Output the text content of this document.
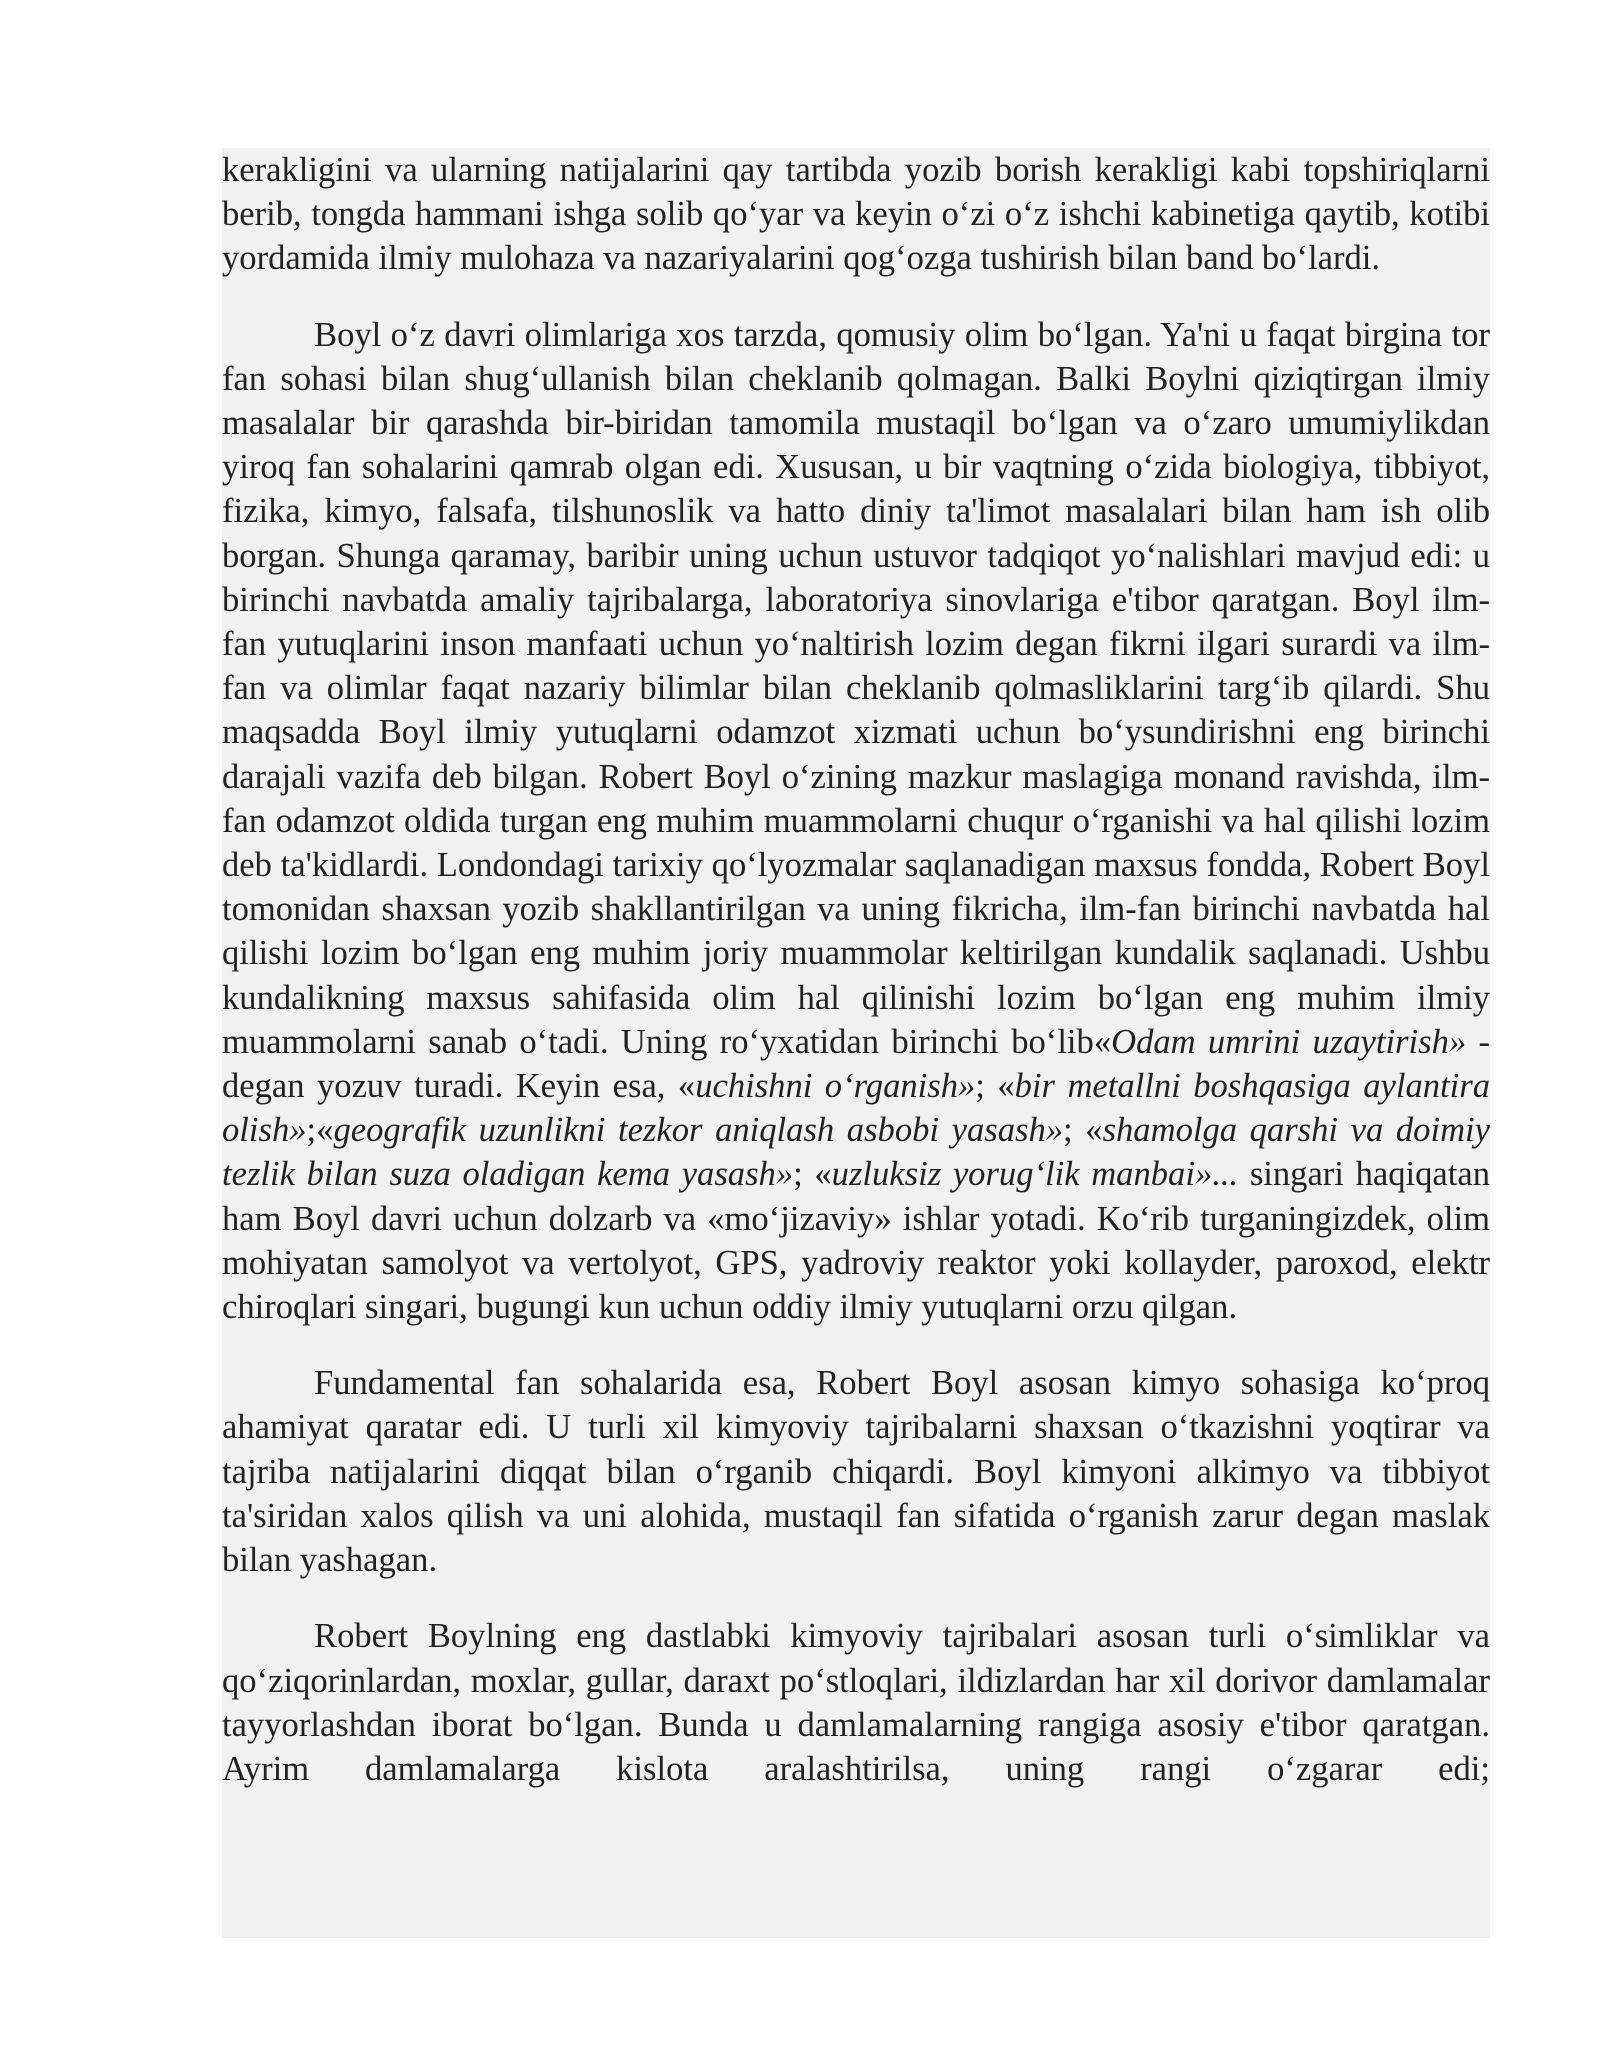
kerakligini va ularning natijalarini qay tartibda yozib borish kerakligi kabi topshiriqlarni berib, tongda hammani ishga solib qo‘yar va keyin o‘zi o‘z ishchi kabinetiga qaytib, kotibi yordamida ilmiy mulohaza va nazariyalarini qog‘ozga tushirish bilan band bo‘lardi.

Boyl o‘z davri olimlariga xos tarzda, qomusiy olim bo‘lgan. Ya'ni u faqat birgina tor fan sohasi bilan shug‘ullanish bilan cheklanib qolmagan. Balki Boylni qiziqtirgan ilmiy masalalar bir qarashda bir-biridan tamomila mustaqil bo‘lgan va o‘zaro umumiylikdan yiroq fan sohalarini qamrab olgan edi. Xususan, u bir vaqtning o‘zida biologiya, tibbiyot, fizika, kimyo, falsafa, tilshunoslik va hatto diniy ta'limot masalalari bilan ham ish olib borgan. Shunga qaramay, baribir uning uchun ustuvor tadqiqot yo‘nalishlari mavjud edi: u birinchi navbatda amaliy tajribalarga, laboratoriya sinovlariga e'tibor qaratgan. Boyl ilm-fan yutuqlarini inson manfaati uchun yo‘naltirish lozim degan fikrni ilgari surardi va ilm-fan va olimlar faqat nazariy bilimlar bilan cheklanib qolmasliklarini targ‘ib qilardi. Shu maqsadda Boyl ilmiy yutuqlarni odamzot xizmati uchun bo‘ysundirishni eng birinchi darajali vazifa deb bilgan. Robert Boyl o‘zining mazkur maslagiga monand ravishda, ilm-fan odamzot oldida turgan eng muhim muammolarni chuqur o‘rganishi va hal qilishi lozim deb ta'kidlardi. Londondagi tarixiy qo‘lyozmalar saqlanadigan maxsus fondda, Robert Boyl tomonidan shaxsan yozib shakllantirilgan va uning fikricha, ilm-fan birinchi navbatda hal qilishi lozim bo‘lgan eng muhim joriy muammolar keltirilgan kundalik saqlanadi. Ushbu kundalikning maxsus sahifasida olim hal qilinishi lozim bo‘lgan eng muhim ilmiy muammolarni sanab o‘tadi. Uning ro‘yxatidan birinchi bo‘lib«Odam umrini uzaytirish» - degan yozuv turadi. Keyin esa, «uchishni o‘rganish»; «bir metallni boshqasiga aylantira olish»;«geografik uzunlikni tezkor aniqlash asbobi yasash»; «shamolga qarshi va doimiy tezlik bilan suza oladigan kema yasash»; «uzluksiz yorug‘lik manbai»... singari haqiqatan ham Boyl davri uchun dolzarb va «mo‘jizaviy» ishlar yotadi. Ko‘rib turganingizdek, olim mohiyatan samolyot va vertolyot, GPS, yadroviy reaktor yoki kollayder, paroxod, elektr chiroqlari singari, bugungi kun uchun oddiy ilmiy yutuqlarni orzu qilgan.

Fundamental fan sohalarida esa, Robert Boyl asosan kimyo sohasiga ko‘proq ahamiyat qaratar edi. U turli xil kimyoviy tajribalarni shaxsan o‘tkazishni yoqtirar va tajriba natijalarini diqqat bilan o‘rganib chiqardi. Boyl kimyoni alkimyo va tibbiyot ta'siridan xalos qilish va uni alohida, mustaqil fan sifatida o‘rganish zarur degan maslak bilan yashagan.

Robert Boylning eng dastlabki kimyoviy tajribalari asosan turli o‘simliklar va qo‘ziqorinlardan, moxlar, gullar, daraxt po‘stloqlari, ildizlardan har xil dorivor damlamalar tayyorlashdan iborat bo‘lgan. Bunda u damlamalarning rangiga asosiy e'tibor qaratgan. Ayrim damlamalarga kislota aralashtirilsa, uning rangi o‘zgarar edi;
